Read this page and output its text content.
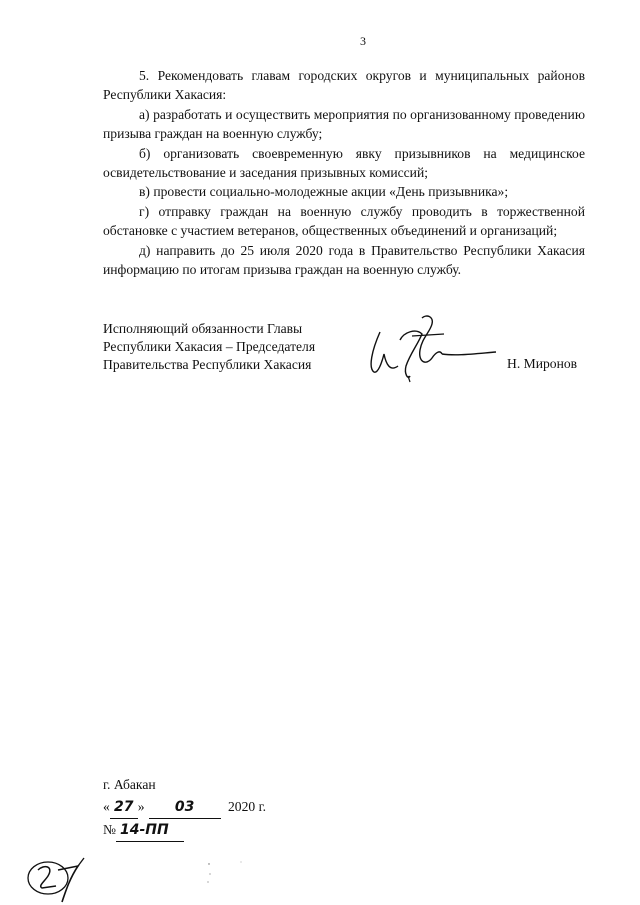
3

5. Рекомендовать главам городских округов и муниципальных районов Республики Хакасия:

а) разработать и осуществить мероприятия по организованному проведению призыва граждан на военную службу;

б) организовать своевременную явку призывников на медицинское освидетельствование и заседания призывных комиссий;

в) провести социально-молодежные акции «День призывника»;

г) отправку граждан на военную службу проводить в торжественной обстановке с участием ветеранов, общественных объединений и организаций;

д) направить до 25 июля 2020 года в Правительство Республики Хакасия информацию по итогам призыва граждан на военную службу.

Исполняющий обязанности Главы
Республики Хакасия – Председателя
Правительства Республики Хакасия	Н. Миронов
г. Абакан
« 27 » 03 2020 г.
№ 14-ПП
